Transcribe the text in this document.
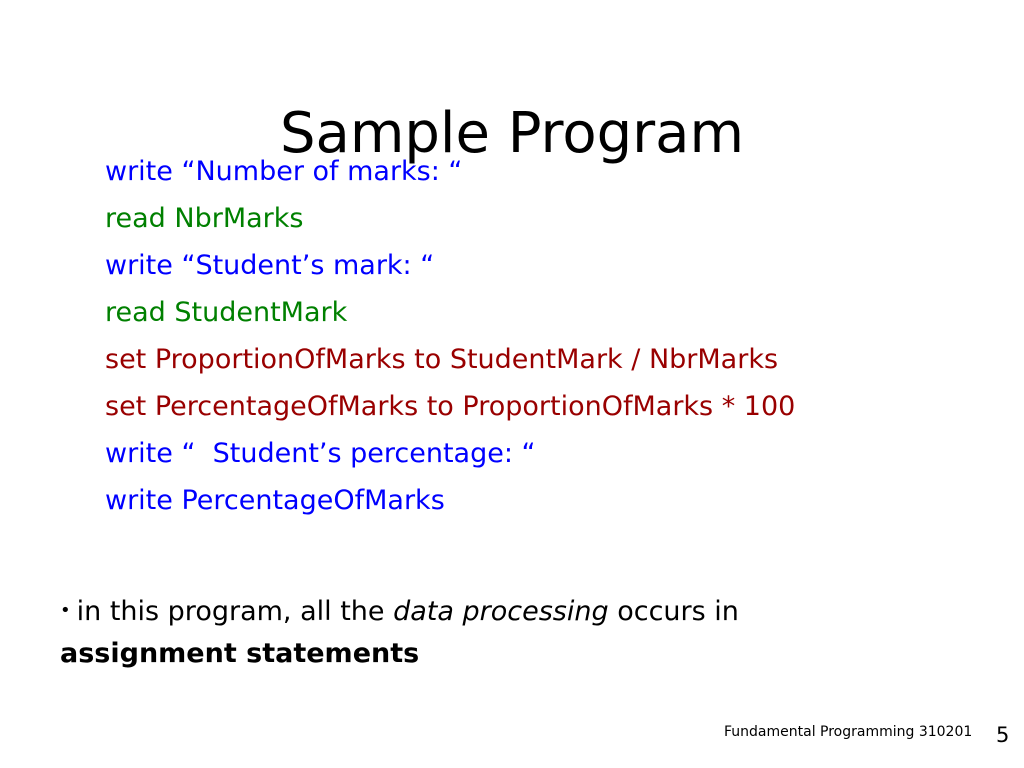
Sample Program
write “Number of marks: “
read NbrMarks
write “Student’s mark: “
read StudentMark
set ProportionOfMarks to StudentMark / NbrMarks
set PercentageOfMarks to ProportionOfMarks * 100
write “  Student’s percentage: “
write PercentageOfMarks
• in this program, all the data processing occurs in
assignment statements
Fundamental Programming 310201 5
